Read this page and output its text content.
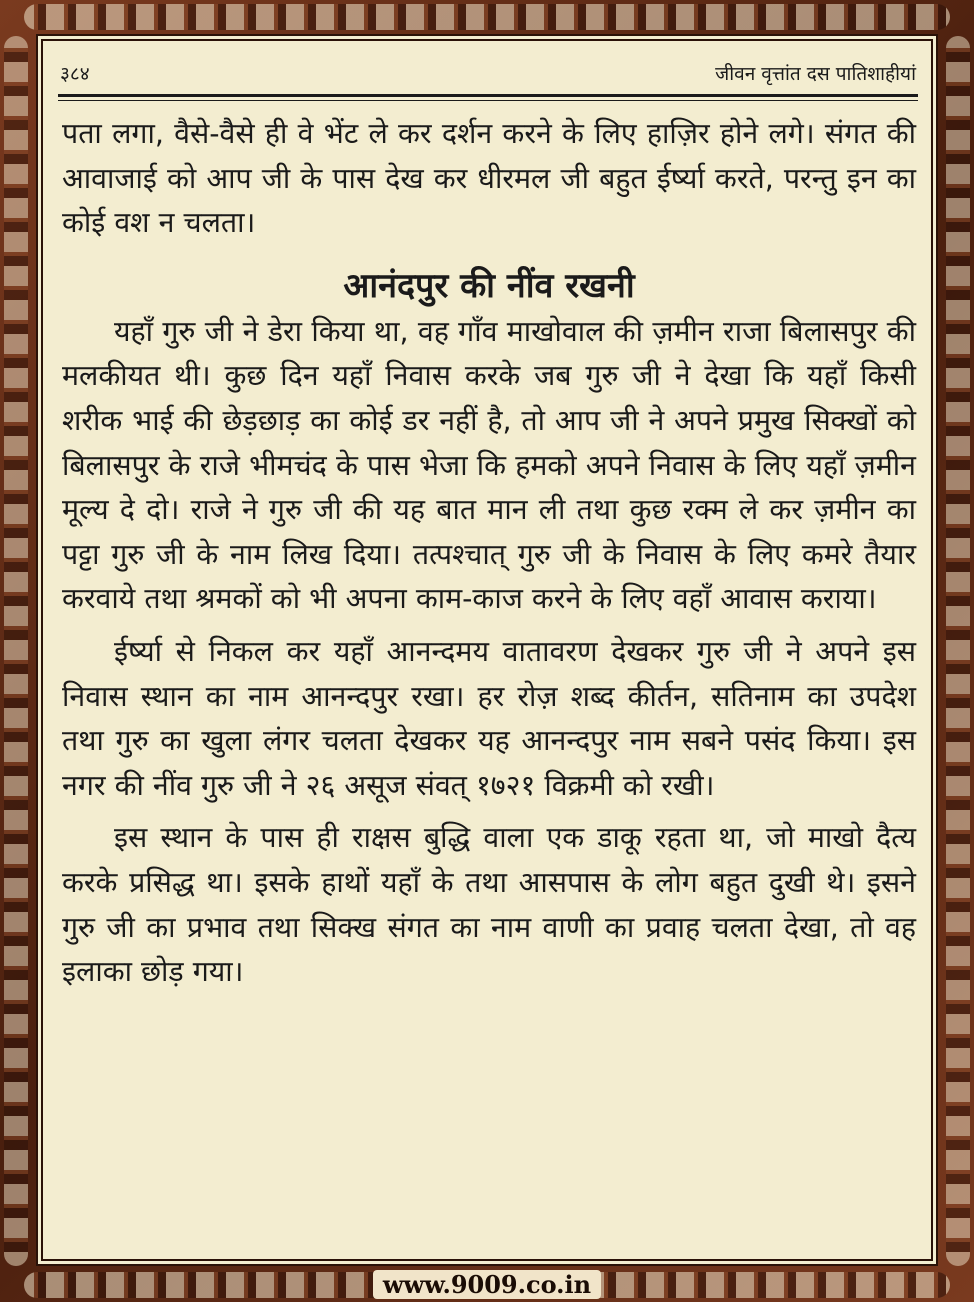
३८४	जीवन वृत्तांत दस पातिशाहीयां

पता लगा, वैसे-वैसे ही वे भेंट ले कर दर्शन करने के लिए हाज़िर होने लगे। संगत की आवाजाई को आप जी के पास देख कर धीरमल जी बहुत ईर्ष्या करते, परन्तु इन का कोई वश न चलता।

आनंदपुर की नींव रखनी

यहाँ गुरु जी ने डेरा किया था, वह गाँव माखोवाल की ज़मीन राजा बिलासपुर की मलकीयत थी। कुछ दिन यहाँ निवास करके जब गुरु जी ने देखा कि यहाँ किसी शरीक भाई की छेड़छाड़ का कोई डर नहीं है, तो आप जी ने अपने प्रमुख सिक्खों को बिलासपुर के राजे भीमचंद के पास भेजा कि हमको अपने निवास के लिए यहाँ ज़मीन मूल्य दे दो। राजे ने गुरु जी की यह बात मान ली तथा कुछ रक्म ले कर ज़मीन का पट्टा गुरु जी के नाम लिख दिया। तत्पश्चात् गुरु जी के निवास के लिए कमरे तैयार करवाये तथा श्रमकों को भी अपना काम-काज करने के लिए वहाँ आवास कराया।

ईर्ष्या से निकल कर यहाँ आनन्दमय वातावरण देखकर गुरु जी ने अपने इस निवास स्थान का नाम आनन्दपुर रखा। हर रोज़ शब्द कीर्तन, सतिनाम का उपदेश तथा गुरु का खुला लंगर चलता देखकर यह आनन्दपुर नाम सबने पसंद किया। इस नगर की नींव गुरु जी ने २६ असूज संवत् १७२१ विक्रमी को रखी।

इस स्थान के पास ही राक्षस बुद्धि वाला एक डाकू रहता था, जो माखो दैत्य करके प्रसिद्ध था। इसके हाथों यहाँ के तथा आसपास के लोग बहुत दुखी थे। इसने गुरु जी का प्रभाव तथा सिक्ख संगत का नाम वाणी का प्रवाह चलता देखा, तो वह इलाका छोड़ गया।

www.9009.co.in
